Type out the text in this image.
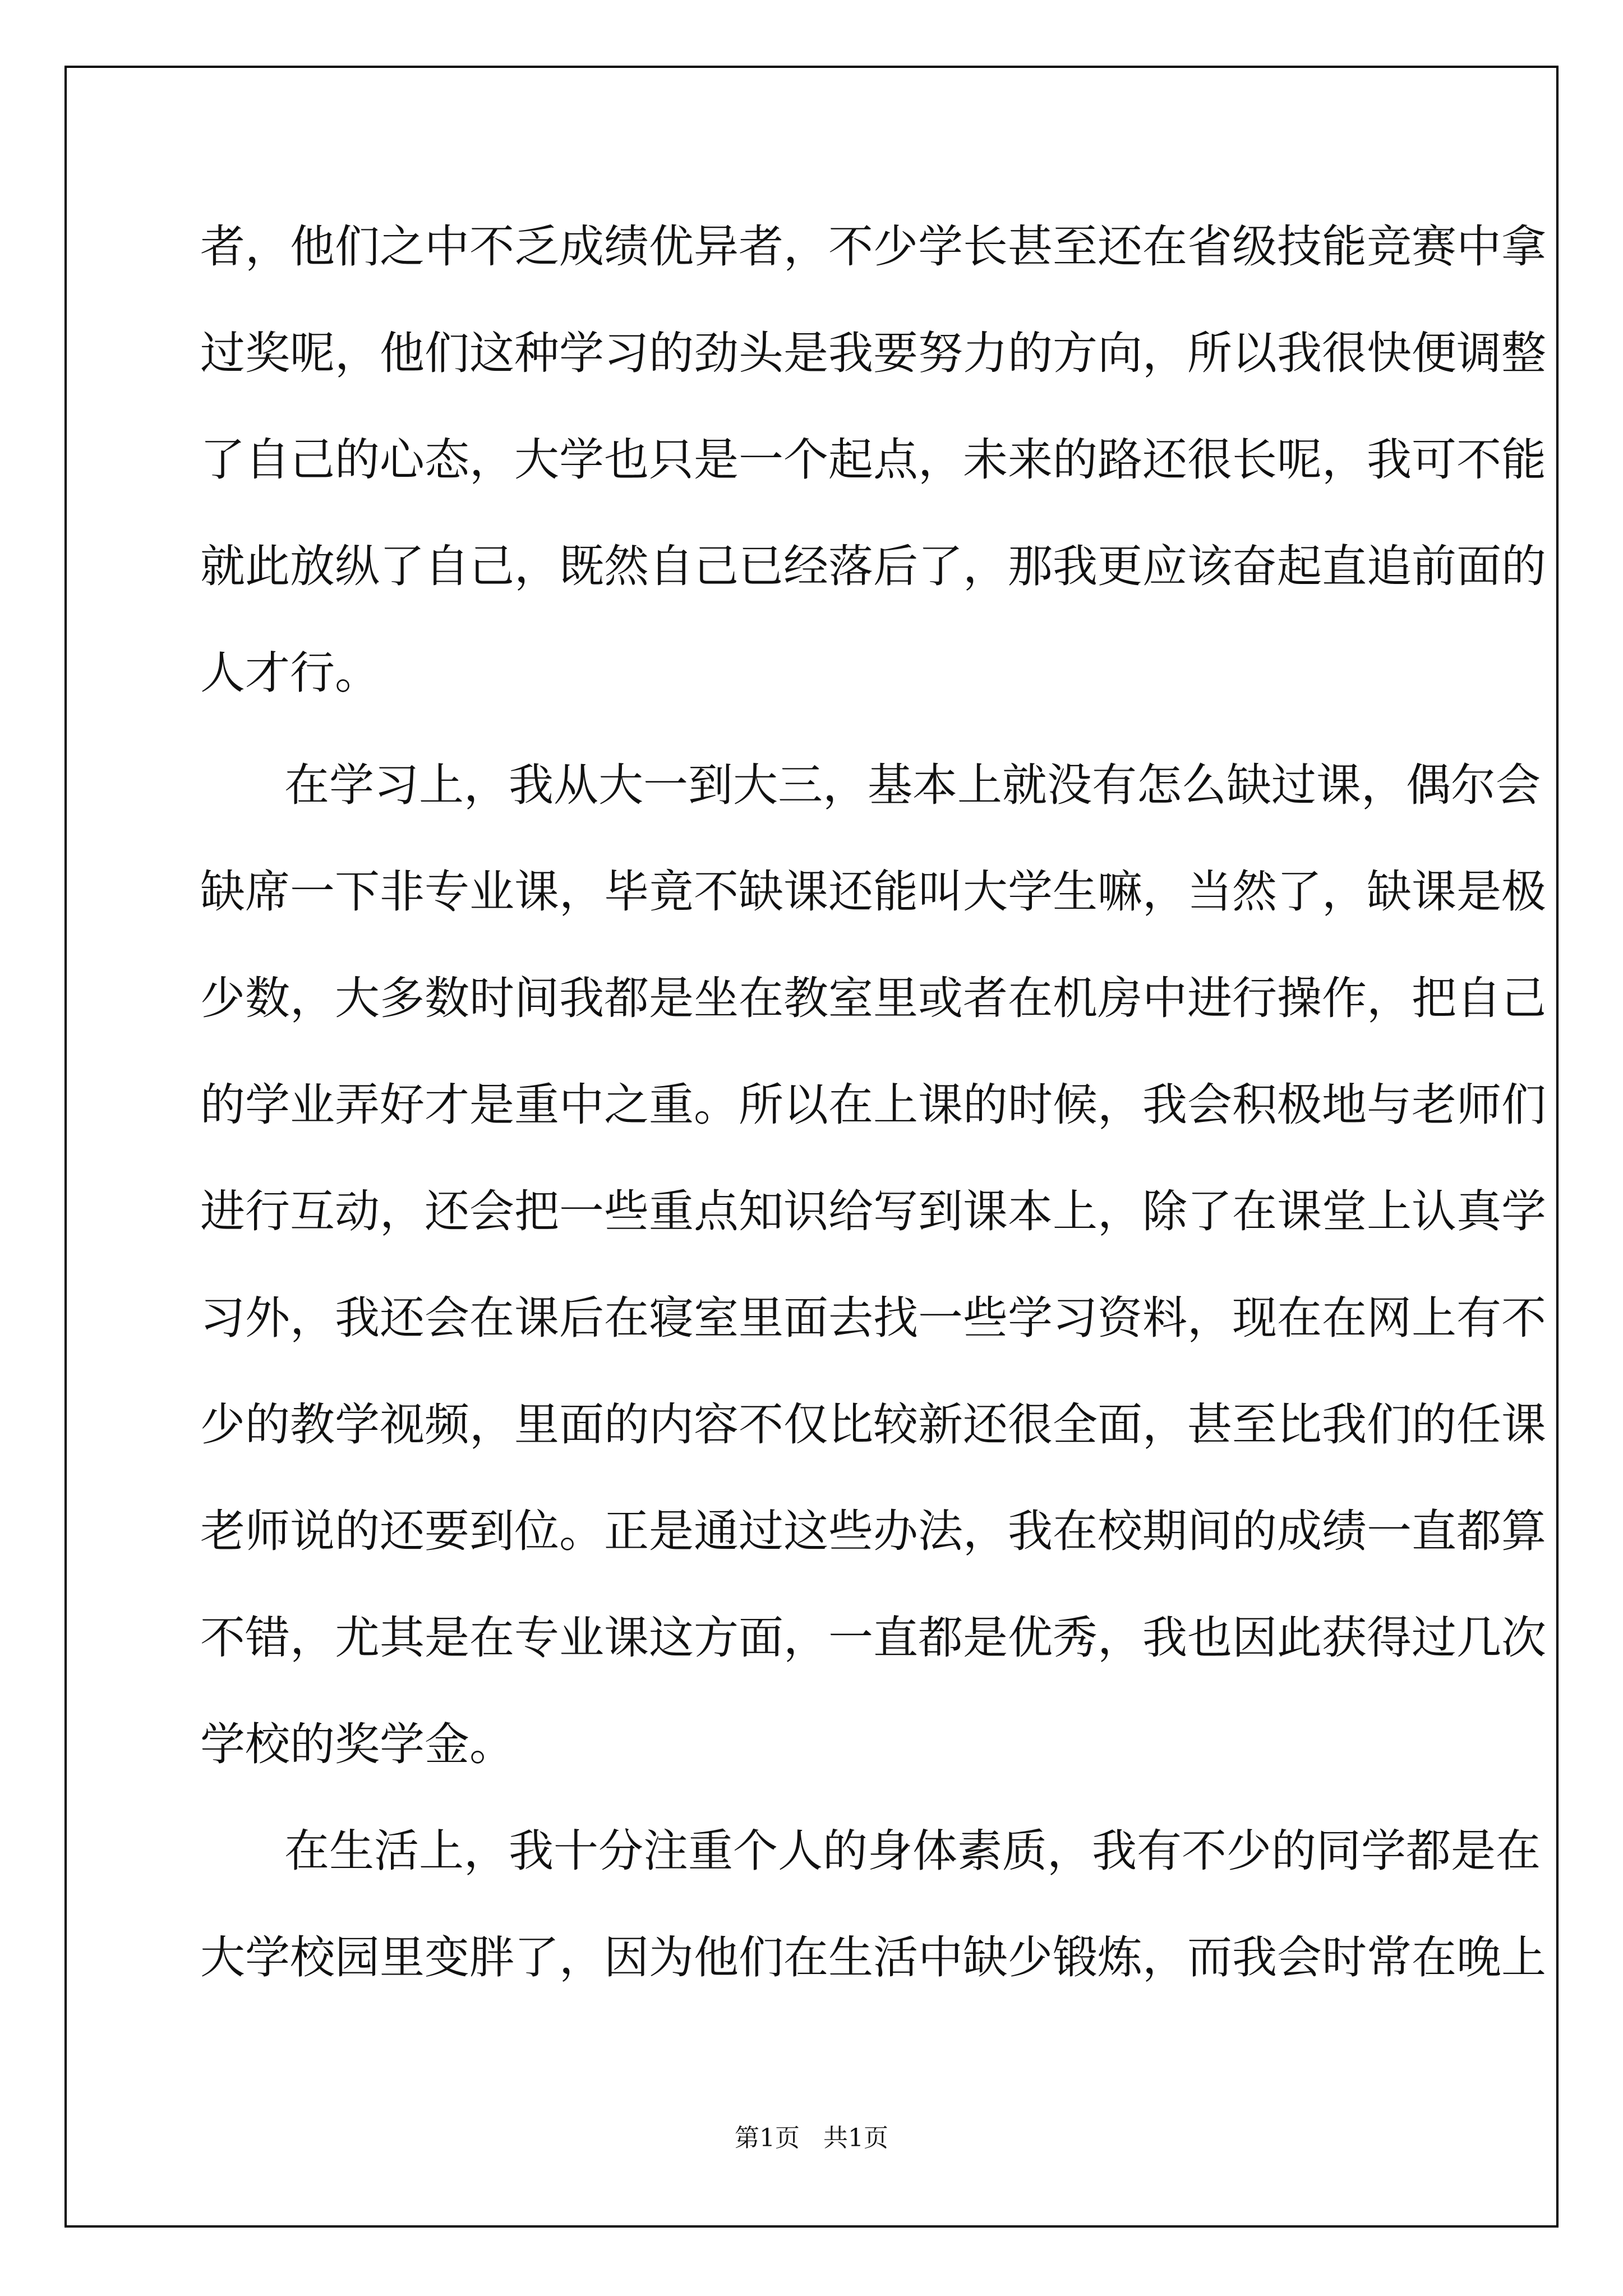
者，他们之中不乏成绩优异者，不少学长甚至还在省级技能竞赛中拿

过奖呢，他们这种学习的劲头是我要努力的方向，所以我很快便调整

了自己的心态，大学也只是一个起点，未来的路还很长呢，我可不能

就此放纵了自己，既然自己已经落后了，那我更应该奋起直追前面的

人才行。

在学习上，我从大一到大三，基本上就没有怎么缺过课，偶尔会

缺席一下非专业课，毕竟不缺课还能叫大学生嘛，当然了，缺课是极

少数，大多数时间我都是坐在教室里或者在机房中进行操作，把自己

的学业弄好才是重中之重。所以在上课的时候，我会积极地与老师们

进行互动，还会把一些重点知识给写到课本上，除了在课堂上认真学

习外，我还会在课后在寝室里面去找一些学习资料，现在在网上有不

少的教学视频，里面的内容不仅比较新还很全面，甚至比我们的任课

老师说的还要到位。正是通过这些办法，我在校期间的成绩一直都算

不错，尤其是在专业课这方面，一直都是优秀，我也因此获得过几次

学校的奖学金。

在生活上，我十分注重个人的身体素质，我有不少的同学都是在

大学校园里变胖了，因为他们在生活中缺少锻炼，而我会时常在晚上

第1页 共1页
